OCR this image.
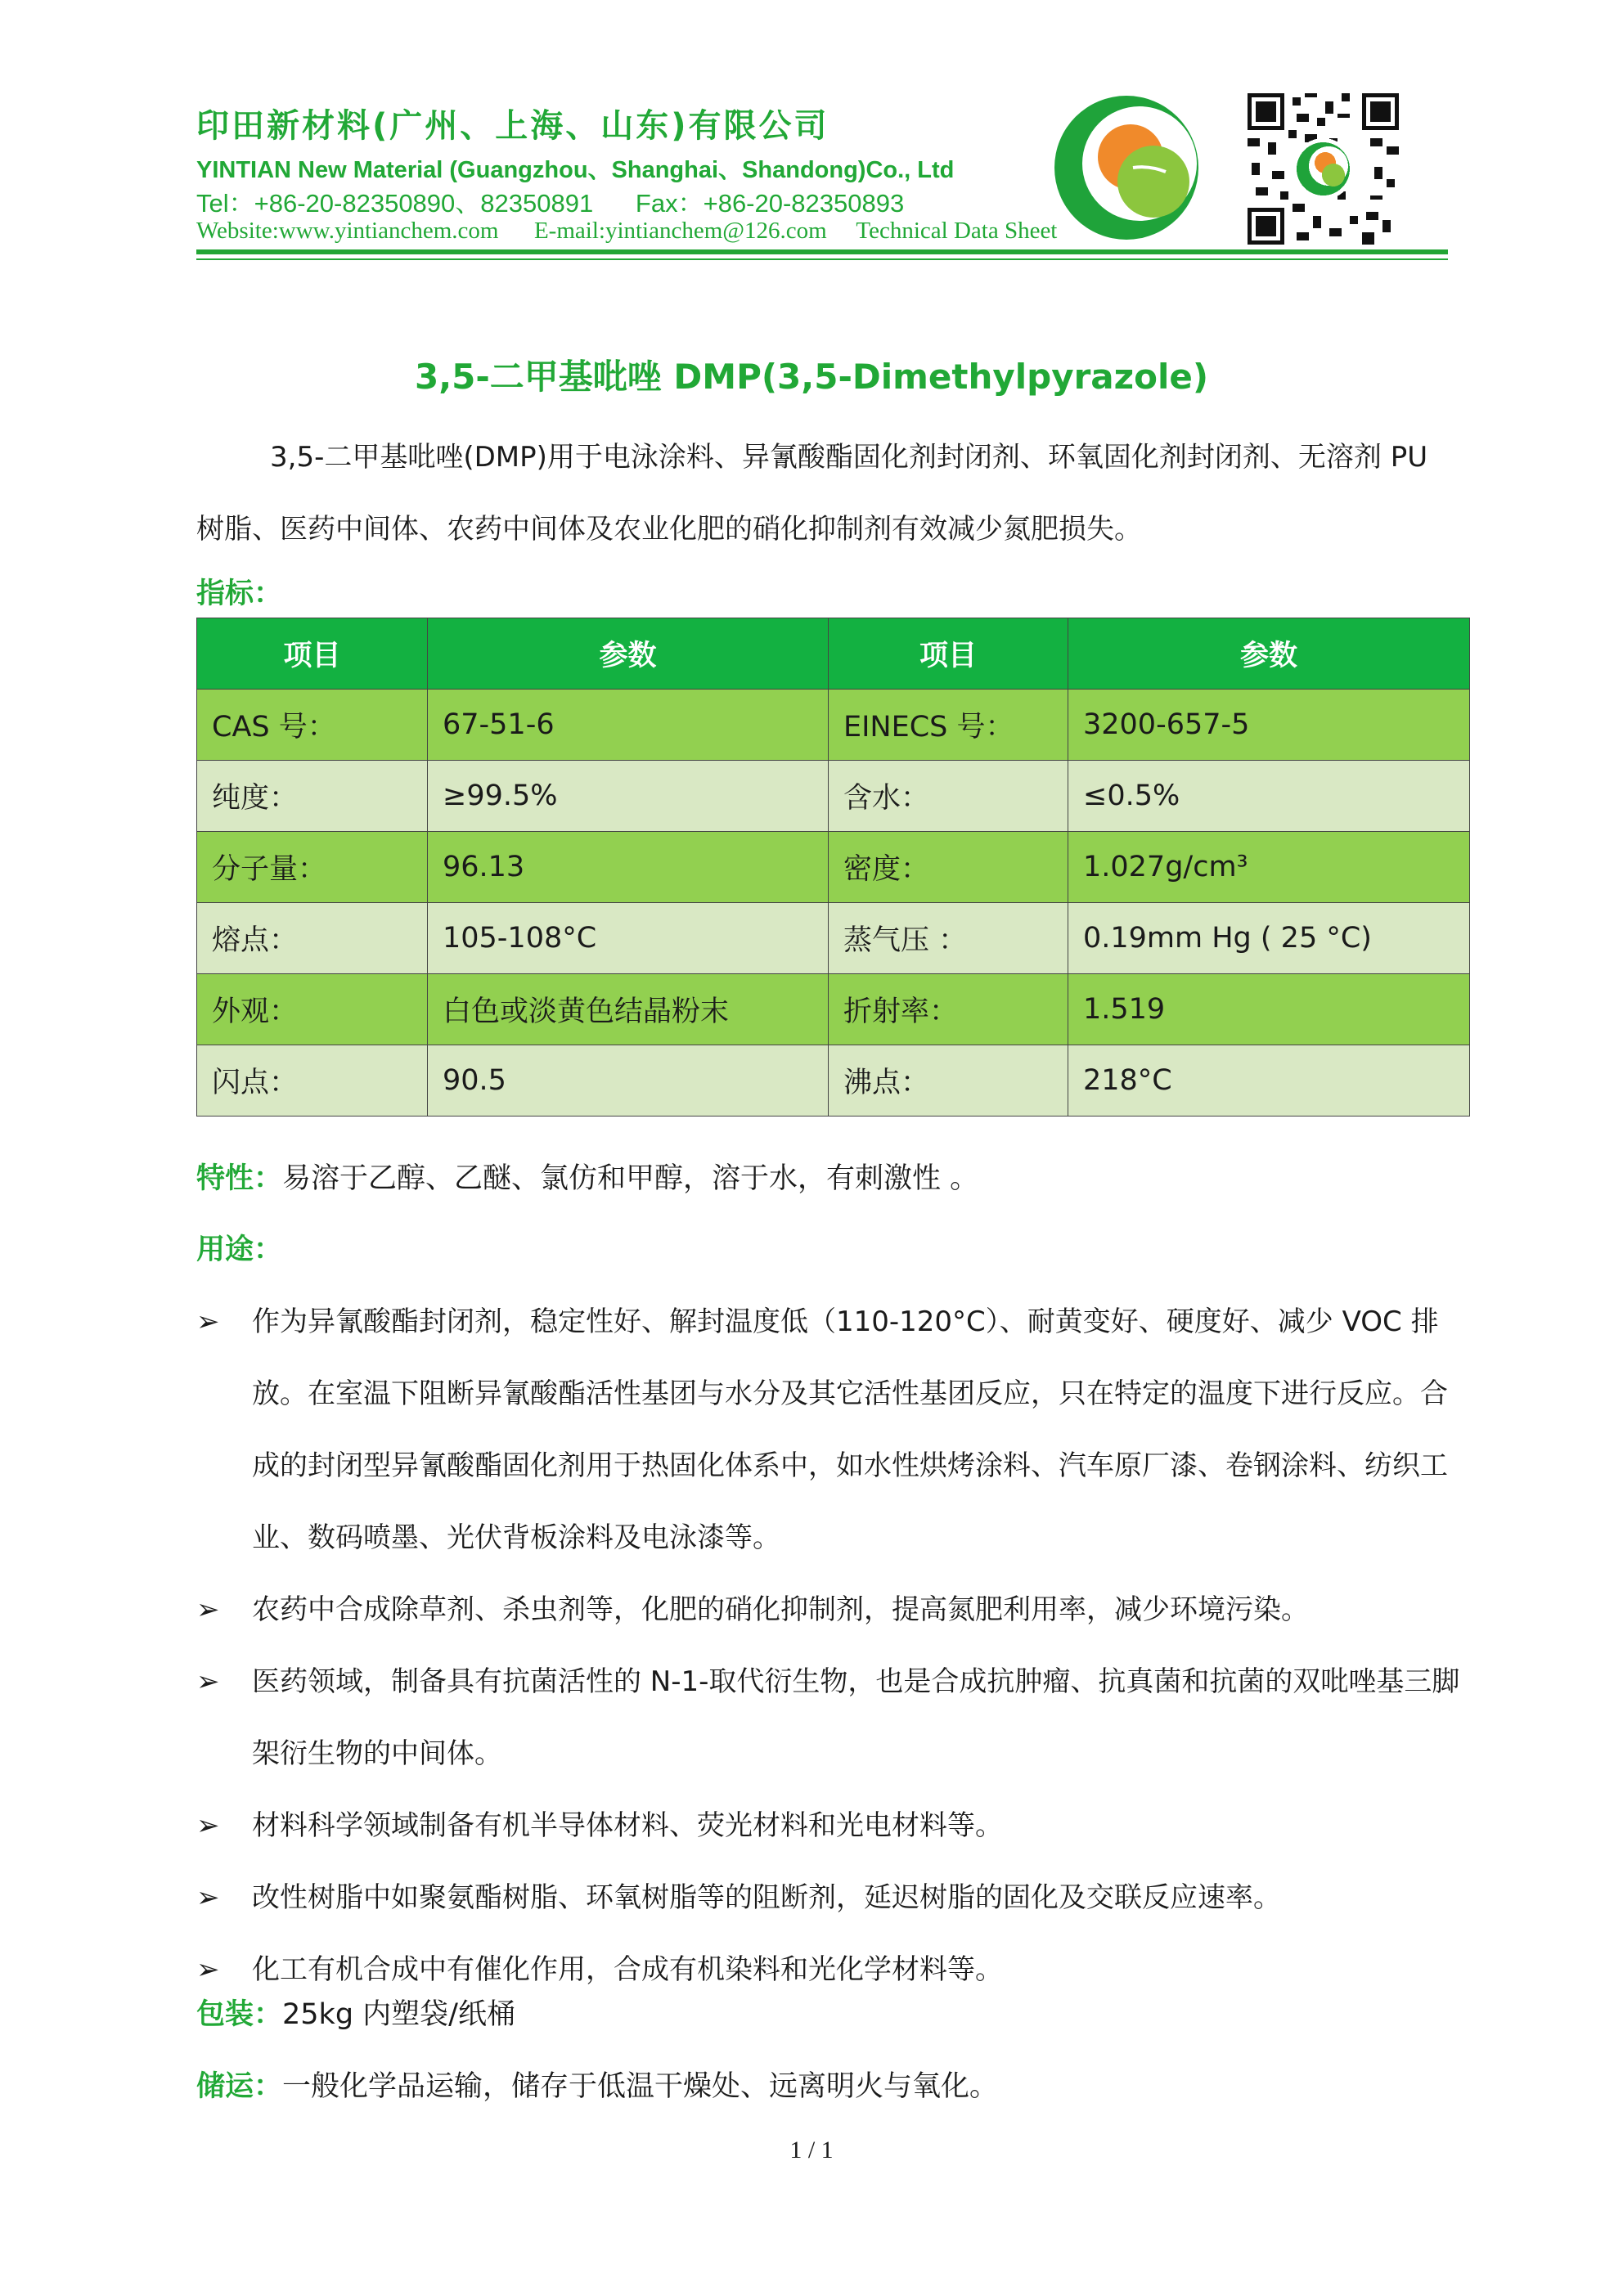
印田新材料(广州、上海、山东)有限公司
YINTIAN New Material (Guangzhou、Shanghai、Shandong)Co., Ltd
Tel：+86-20-82350890、82350891 Fax：+86-20-82350893
Website:www.yintianchem.com E-mail:yintianchem@126.com Technical Data Sheet
3,5-二甲基吡唑 DMP(3,5-Dimethylpyrazole)
3,5-二甲基吡唑(DMP)用于电泳涂料、异氰酸酯固化剂封闭剂、环氧固化剂封闭剂、无溶剂 PU 树脂、医药中间体、农药中间体及农业化肥的硝化抑制剂有效减少氮肥损失。
指标：
项目	参数	项目	参数
CAS 号：	67-51-6	EINECS 号：	3200-657-5
纯度：	≥99.5%	含水：	≤0.5%
分子量：	96.13	密度：	1.027g/cm³
熔点：	105-108°C	蒸气压 ：	0.19mm Hg ( 25 °C)
外观：	白色或淡黄色结晶粉末	折射率：	1.519
闪点：	90.5	沸点：	218°C
特性：易溶于乙醇、乙醚、氯仿和甲醇，溶于水，有刺激性 。
用途：
➢	作为异氰酸酯封闭剂，稳定性好、解封温度低（110-120°C）、耐黄变好、硬度好、减少 VOC 排放。在室温下阻断异氰酸酯活性基团与水分及其它活性基团反应，只在特定的温度下进行反应。合成的封闭型异氰酸酯固化剂用于热固化体系中，如水性烘烤涂料、汽车原厂漆、卷钢涂料、纺织工业、数码喷墨、光伏背板涂料及电泳漆等。
➢	农药中合成除草剂、杀虫剂等，化肥的硝化抑制剂，提高氮肥利用率，减少环境污染。
➢	医药领域，制备具有抗菌活性的 N-1-取代衍生物，也是合成抗肿瘤、抗真菌和抗菌的双吡唑基三脚架衍生物的中间体。
➢	材料科学领域制备有机半导体材料、荧光材料和光电材料等。
➢	改性树脂中如聚氨酯树脂、环氧树脂等的阻断剂，延迟树脂的固化及交联反应速率。
➢	化工有机合成中有催化作用，合成有机染料和光化学材料等。
包装：25kg 内塑袋/纸桶
储运：一般化学品运输，储存于低温干燥处、远离明火与氧化。
1 / 1
